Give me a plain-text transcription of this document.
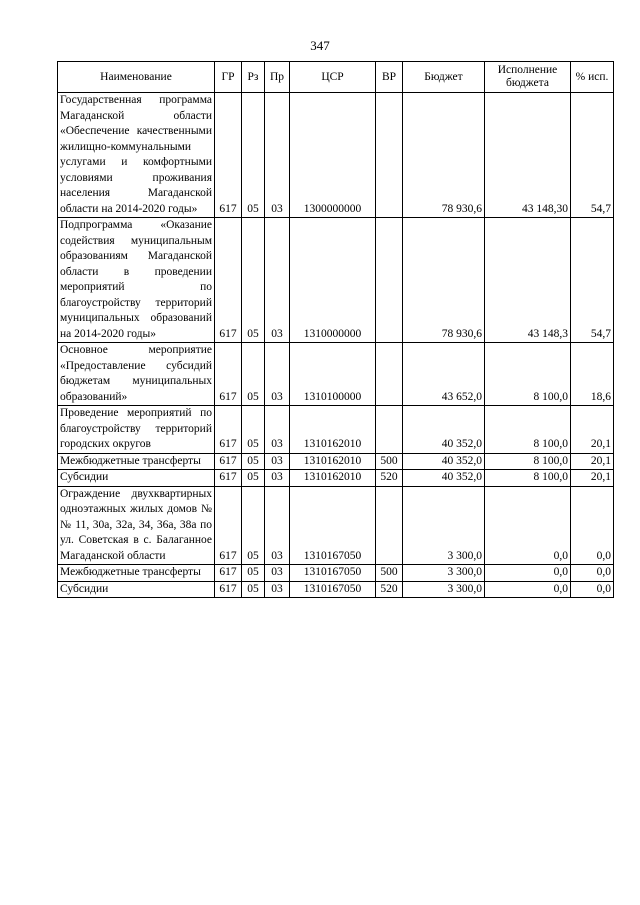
347
Наименование	ГР	Рз	Пр	ЦСР	ВР	Бюджет	Исполнение бюджета	% исп.
Государственная программа Магаданской области «Обеспечение качественными жилищно-коммунальными услугами и комфортными условиями проживания населения Магаданской области на 2014-2020 годы»	617	05	03	1300000000		78 930,6	43 148,30	54,7
Подпрограмма «Оказание содействия муниципальным образованиям Магаданской области в проведении мероприятий по благоустройству территорий муниципальных образований на 2014-2020 годы»	617	05	03	1310000000		78 930,6	43 148,3	54,7
Основное мероприятие «Предоставление субсидий бюджетам муниципальных образований»	617	05	03	1310100000		43 652,0	8 100,0	18,6
Проведение мероприятий по благоустройству территорий городских округов	617	05	03	1310162010		40 352,0	8 100,0	20,1
Межбюджетные трансферты	617	05	03	1310162010	500	40 352,0	8 100,0	20,1
Субсидии	617	05	03	1310162010	520	40 352,0	8 100,0	20,1
Ограждение двухквартирных одноэтажных жилых домов №№ 11, 30а, 32а, 34, 36а, 38а по ул. Советская в с. Балаганное Магаданской области	617	05	03	1310167050		3 300,0	0,0	0,0
Межбюджетные трансферты	617	05	03	1310167050	500	3 300,0	0,0	0,0
Субсидии	617	05	03	1310167050	520	3 300,0	0,0	0,0
